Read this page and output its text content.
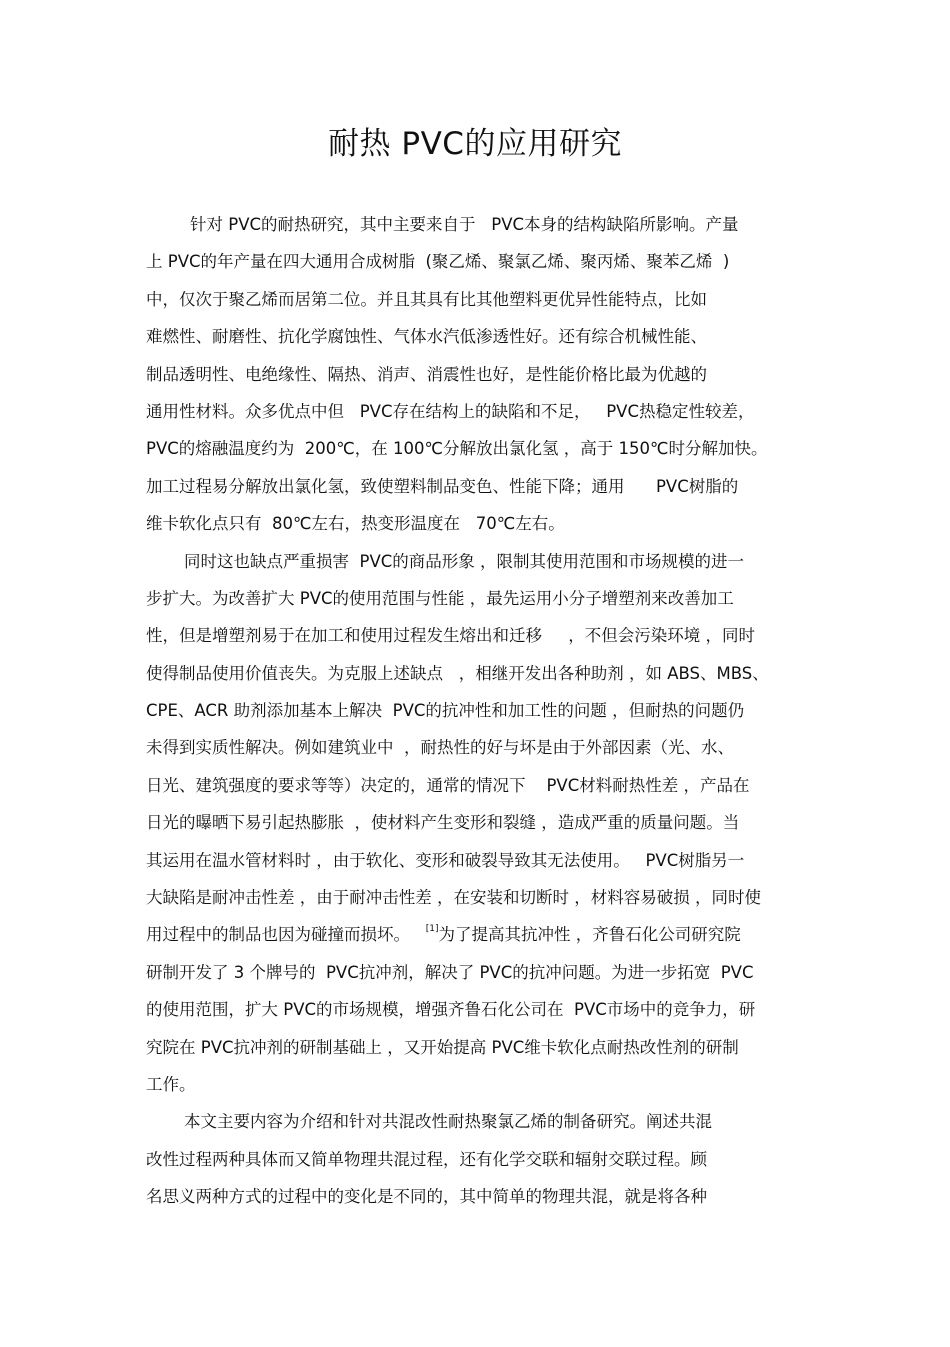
耐热 PVC的应用研究
针对 PVC的耐热研究，其中主要来自于   PVC本身的结构缺陷所影响。产量
上 PVC的年产量在四大通用合成树脂  (聚乙烯、聚氯乙烯、聚丙烯、聚苯乙烯  )
中，仅次于聚乙烯而居第二位。并且其具有比其他塑料更优异性能特点，比如
难燃性、耐磨性、抗化学腐蚀性、气体水汽低渗透性好。还有综合机械性能、
制品透明性、电绝缘性、隔热、消声、消震性也好，是性能价格比最为优越的
通用性材料。众多优点中但   PVC存在结构上的缺陷和不足，   PVC热稳定性较差，
PVC的熔融温度约为  200℃，在 100℃分解放出氯化氢 ，高于 150℃时分解加快。
加工过程易分解放出氯化氢，致使塑料制品变色、性能下降；通用      PVC树脂的
维卡软化点只有  80℃左右，热变形温度在   70℃左右。
同时这也缺点严重损害  PVC的商品形象 ，限制其使用范围和市场规模的进一
步扩大。为改善扩大 PVC的使用范围与性能 ，最先运用小分子增塑剂来改善加工
性，但是增塑剂易于在加工和使用过程发生熔出和迁移     ，不但会污染环境 ，同时
使得制品使用价值丧失。为克服上述缺点   ，相继开发出各种助剂 ，如 ABS、MBS、
CPE、ACR 助剂添加基本上解决  PVC的抗冲性和加工性的问题 ，但耐热的问题仍
未得到实质性解决。例如建筑业中  ，耐热性的好与坏是由于外部因素（光、水、
日光、建筑强度的要求等等）决定的，通常的情况下    PVC材料耐热性差 ，产品在
日光的曝晒下易引起热膨胀  ，使材料产生变形和裂缝 ，造成严重的质量问题。当
其运用在温水管材料时 ，由于软化、变形和破裂导致其无法使用。   PVC树脂另一
大缺陷是耐冲击性差 ，由于耐冲击性差 ，在安装和切断时 ，材料容易破损 ，同时使
用过程中的制品也因为碰撞而损坏。   [1]为了提高其抗冲性 ，齐鲁石化公司研究院
研制开发了 3 个牌号的  PVC抗冲剂，解决了 PVC的抗冲问题。为进一步拓宽  PVC
的使用范围，扩大 PVC的市场规模，增强齐鲁石化公司在  PVC市场中的竞争力，研
究院在 PVC抗冲剂的研制基础上 ，又开始提高 PVC维卡软化点耐热改性剂的研制
工作。
本文主要内容为介绍和针对共混改性耐热聚氯乙烯的制备研究。阐述共混
改性过程两种具体而又简单物理共混过程，还有化学交联和辐射交联过程。顾
名思义两种方式的过程中的变化是不同的，其中简单的物理共混，就是将各种
